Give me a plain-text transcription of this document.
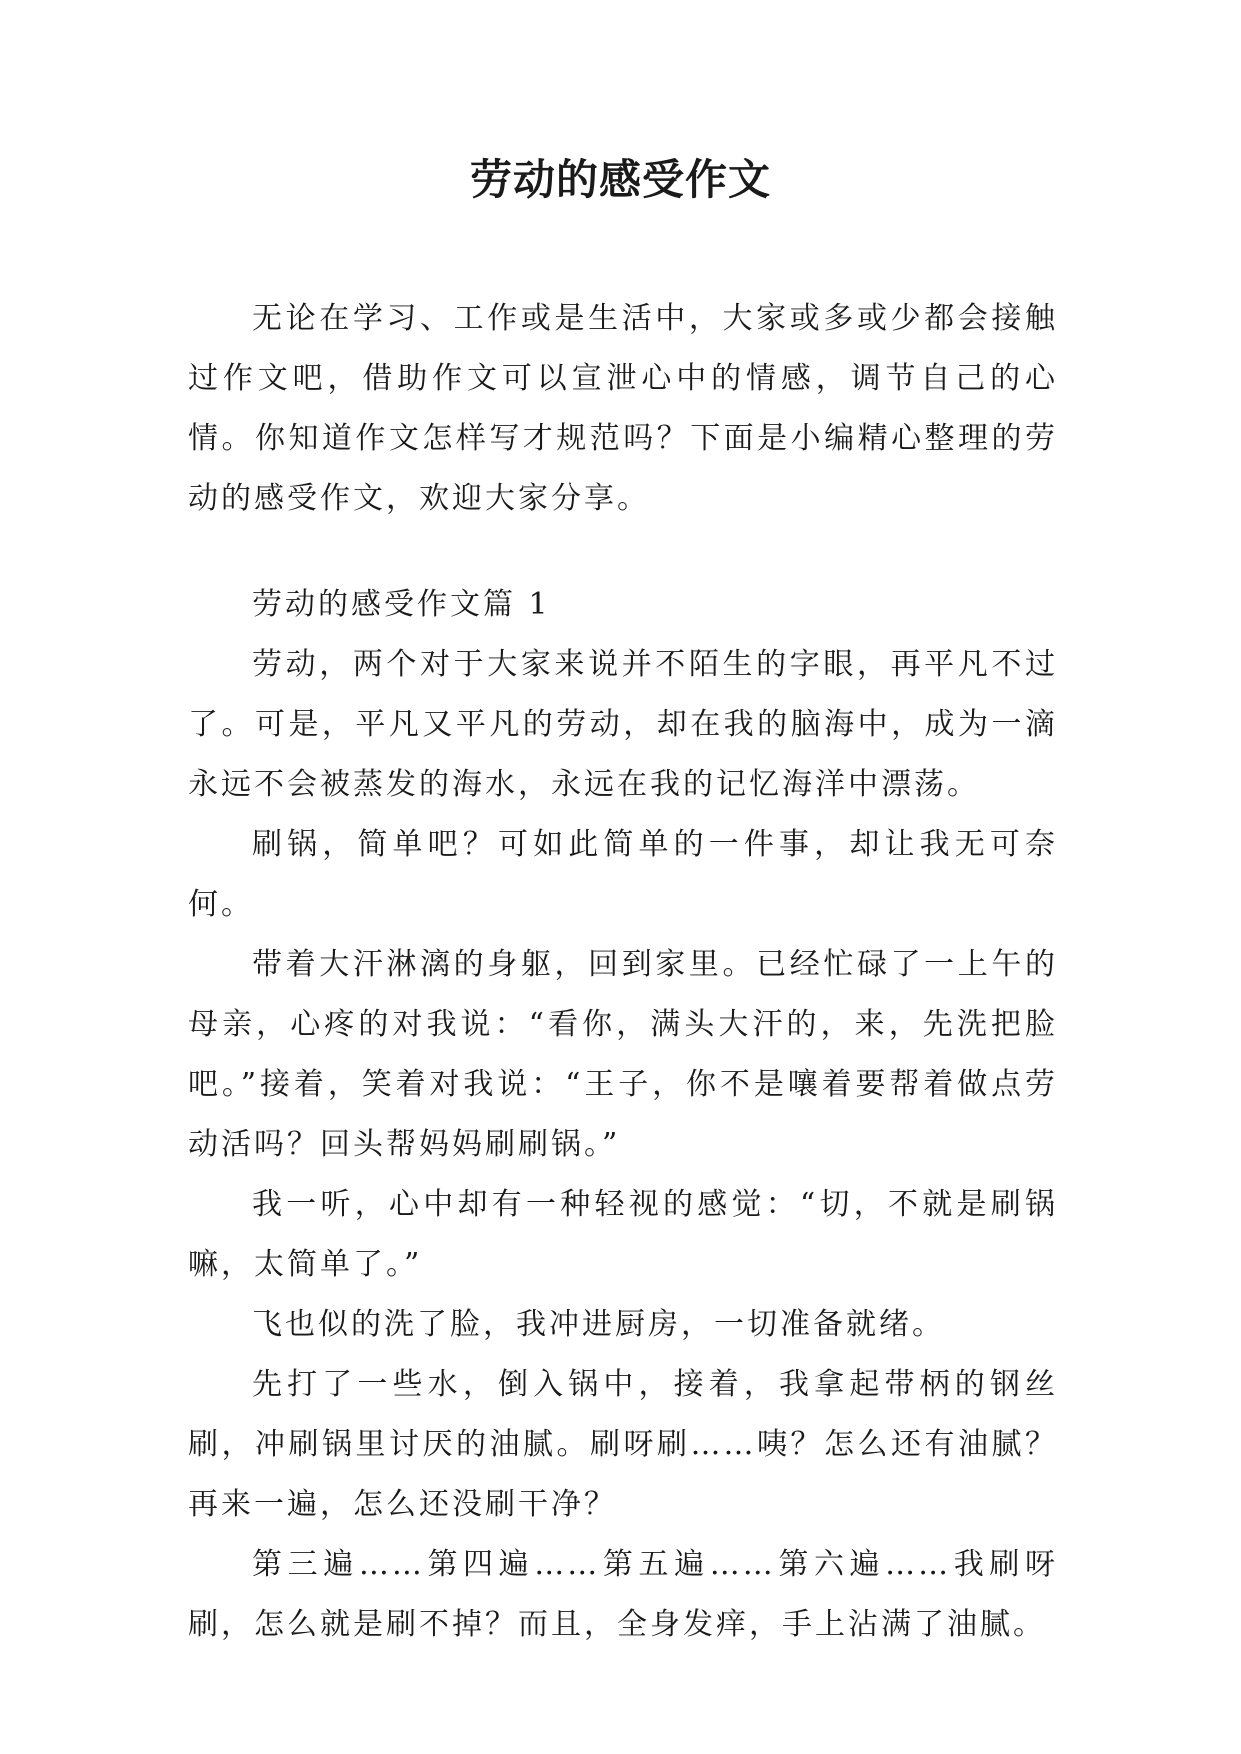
劳动的感受作文

无论在学习、工作或是生活中，大家或多或少都会接触过作文吧，借助作文可以宣泄心中的情感，调节自己的心情。你知道作文怎样写才规范吗？下面是小编精心整理的劳动的感受作文，欢迎大家分享。

劳动的感受作文篇 1

劳动，两个对于大家来说并不陌生的字眼，再平凡不过了。可是，平凡又平凡的劳动，却在我的脑海中，成为一滴永远不会被蒸发的海水，永远在我的记忆海洋中漂荡。

刷锅，简单吧？可如此简单的一件事，却让我无可奈何。

带着大汗淋漓的身躯，回到家里。已经忙碌了一上午的母亲，心疼的对我说：“看你，满头大汗的，来，先洗把脸吧。”接着，笑着对我说：“王子，你不是嚷着要帮着做点劳动活吗？回头帮妈妈刷刷锅。”

我一听，心中却有一种轻视的感觉：“切，不就是刷锅嘛，太简单了。”

飞也似的洗了脸，我冲进厨房，一切准备就绪。

先打了一些水，倒入锅中，接着，我拿起带柄的钢丝刷，冲刷锅里讨厌的油腻。刷呀刷……咦？怎么还有油腻？再来一遍，怎么还没刷干净？

第三遍……第四遍……第五遍……第六遍……我刷呀刷，怎么就是刷不掉？而且，全身发痒，手上沾满了油腻。
